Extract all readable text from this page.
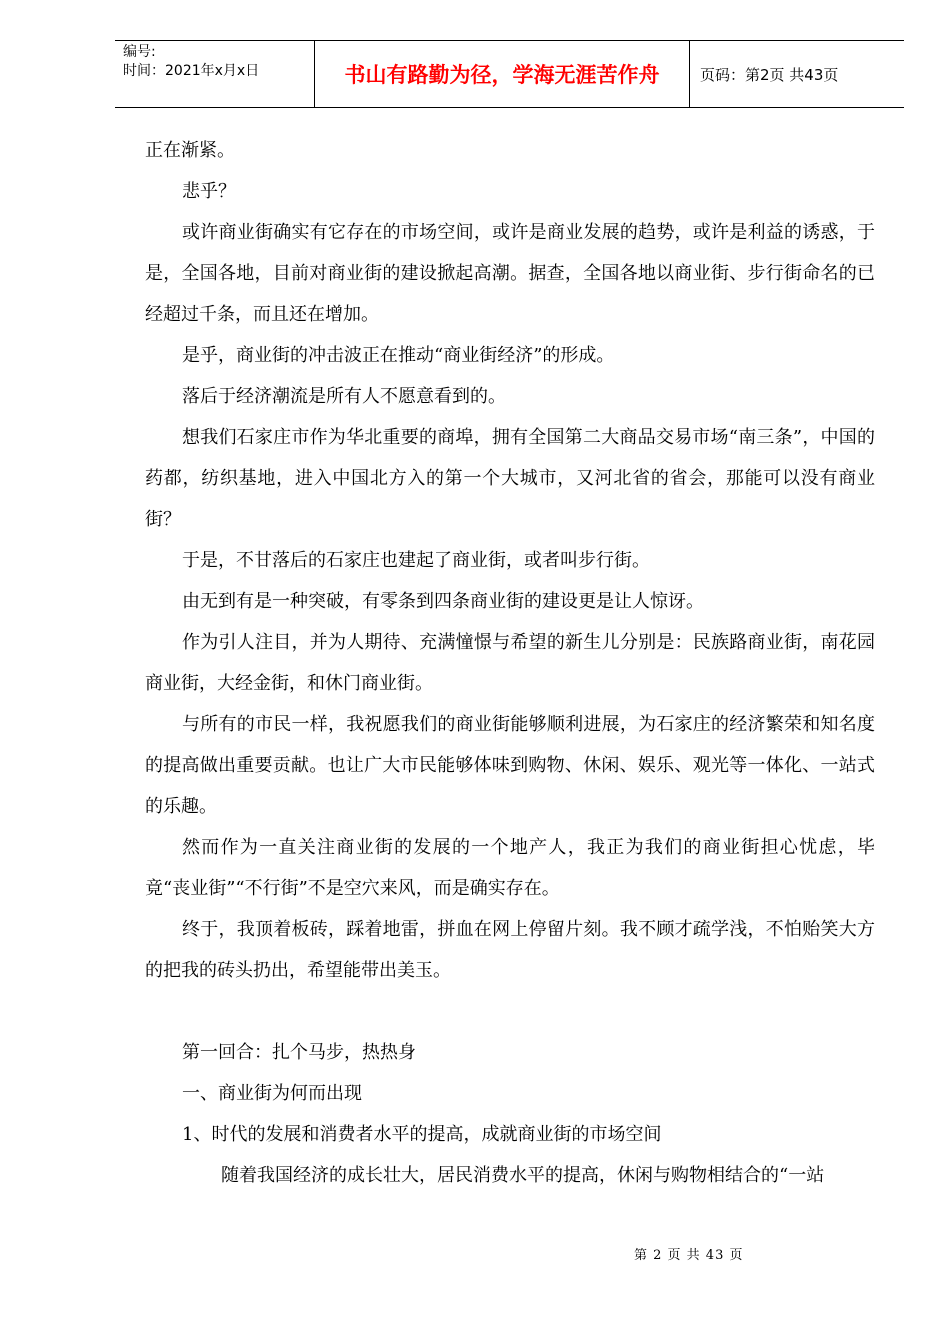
编号:
时间：2021年x月x日	书山有路勤为径，学海无涯苦作舟	页码：第2页 共43页

正在渐紧。

悲乎？

或许商业街确实有它存在的市场空间，或许是商业发展的趋势，或许是利益的诱惑，于是，全国各地，目前对商业街的建设掀起高潮。据查，全国各地以商业街、步行街命名的已经超过千条，而且还在增加。

是乎，商业街的冲击波正在推动“商业街经济”的形成。

落后于经济潮流是所有人不愿意看到的。

想我们石家庄市作为华北重要的商埠，拥有全国第二大商品交易市场“南三条”，中国的药都，纺织基地，进入中国北方入的第一个大城市，又河北省的省会，那能可以没有商业街？

于是，不甘落后的石家庄也建起了商业街，或者叫步行街。

由无到有是一种突破，有零条到四条商业街的建设更是让人惊讶。

作为引人注目，并为人期待、充满憧憬与希望的新生儿分别是：民族路商业街，南花园商业街，大经金街，和休门商业街。

与所有的市民一样，我祝愿我们的商业街能够顺利进展，为石家庄的经济繁荣和知名度的提高做出重要贡献。也让广大市民能够体味到购物、休闲、娱乐、观光等一体化、一站式的乐趣。

然而作为一直关注商业街的发展的一个地产人，我正为我们的商业街担心忧虑，毕竟“丧业街”“不行街”不是空穴来风，而是确实存在。

终于，我顶着板砖，踩着地雷，拼血在网上停留片刻。我不顾才疏学浅，不怕贻笑大方的把我的砖头扔出，希望能带出美玉。

第一回合：扎个马步，热热身

一、商业街为何而出现

1、时代的发展和消费者水平的提高，成就商业街的市场空间

随着我国经济的成长壮大，居民消费水平的提高，休闲与购物相结合的“一站

第 2 页 共 43 页
